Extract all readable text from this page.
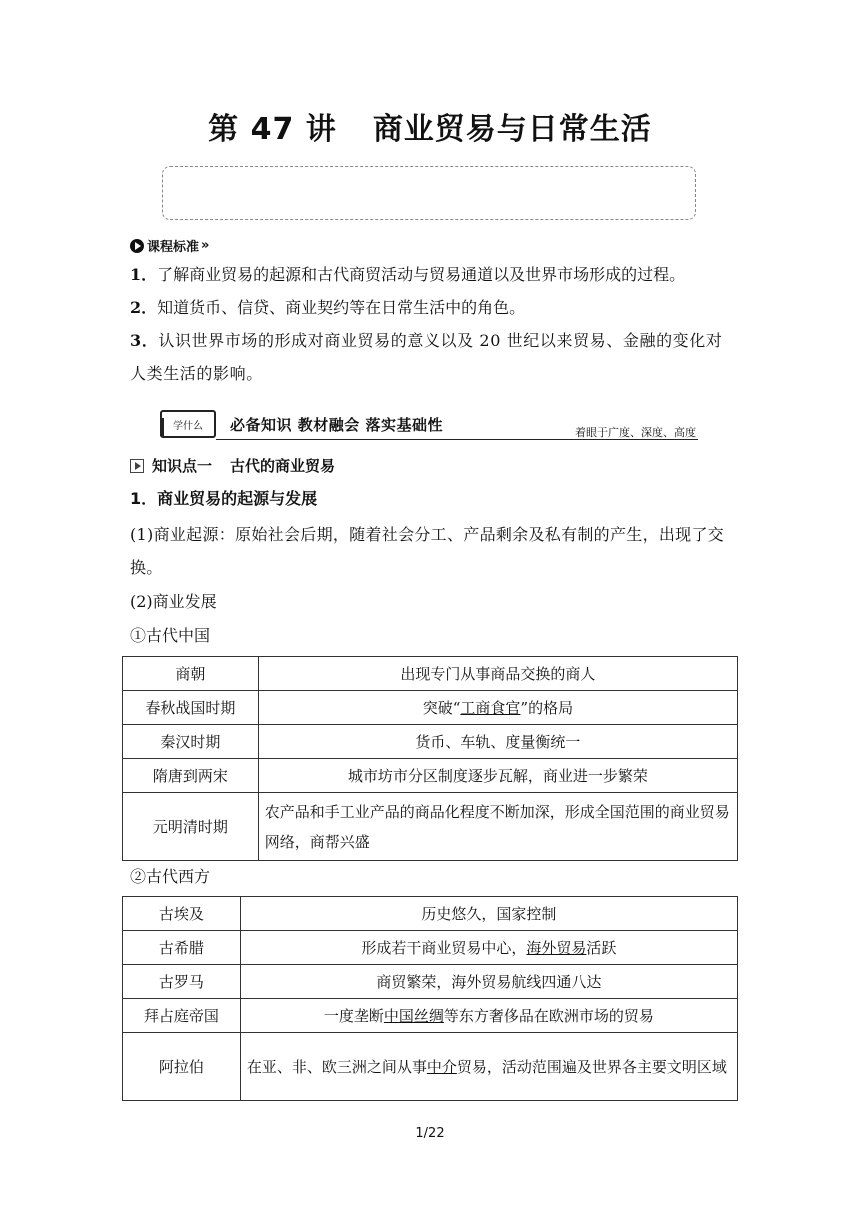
第 47 讲 商业贸易与日常生活
课程标准 »
1．了解商业贸易的起源和古代商贸活动与贸易通道以及世界市场形成的过程。
2．知道货币、信贷、商业契约等在日常生活中的角色。
3．认识世界市场的形成对商业贸易的意义以及 20 世纪以来贸易、金融的变化对人类生活的影响。
学什么 必备知识 教材融会 落实基础性	着眼于广度、深度、高度
知识点一 古代的商业贸易
1．商业贸易的起源与发展
(1)商业起源：原始社会后期，随着社会分工、产品剩余及私有制的产生，出现了交换。
(2)商业发展
①古代中国
商朝	出现专门从事商品交换的商人
春秋战国时期	突破“工商食官”的格局
秦汉时期	货币、车轨、度量衡统一
隋唐到两宋	城市坊市分区制度逐步瓦解，商业进一步繁荣
元明清时期	农产品和手工业产品的商品化程度不断加深，形成全国范围的商业贸易网络，商帮兴盛
②古代西方
古埃及	历史悠久，国家控制
古希腊	形成若干商业贸易中心，海外贸易活跃
古罗马	商贸繁荣，海外贸易航线四通八达
拜占庭帝国	一度垄断中国丝绸等东方奢侈品在欧洲市场的贸易
阿拉伯	在亚、非、欧三洲之间从事中介贸易，活动范围遍及世界各主要文明区域
1/22
